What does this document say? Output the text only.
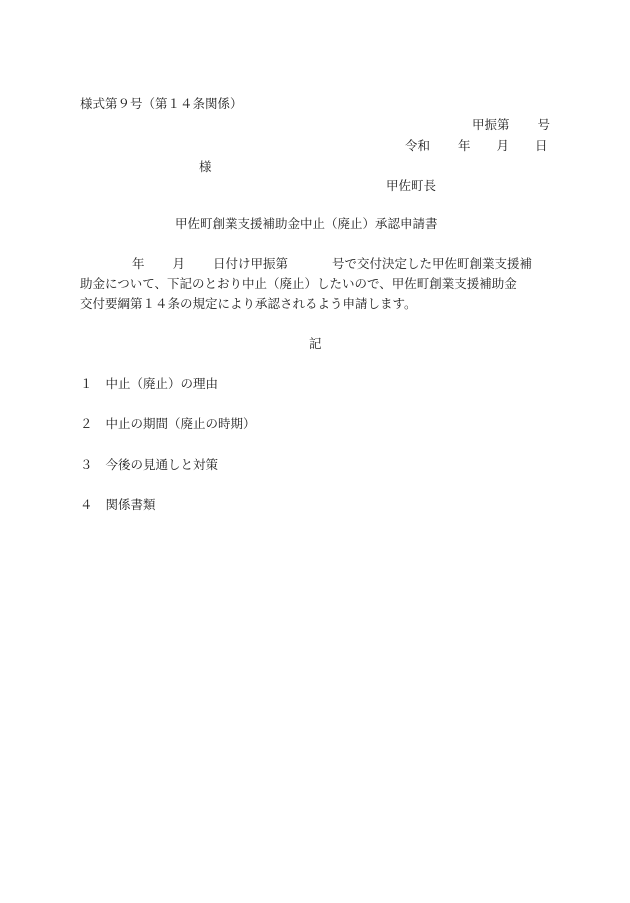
様式第９号（第１４条関係）
甲振第 号
令和 年 月 日
様
甲佐町長
甲佐町創業支援補助金中止（廃止）承認申請書
年 月 日付け甲振第	号で交付決定した甲佐町創業支援補
助金について、下記のとおり中止（廃止）したいので、甲佐町創業支援補助金
交付要綱第１４条の規定により承認されるよう申請します。
記
１ 中止（廃止）の理由
２ 中止の期間（廃止の時期）
３ 今後の見通しと対策
４ 関係書類
